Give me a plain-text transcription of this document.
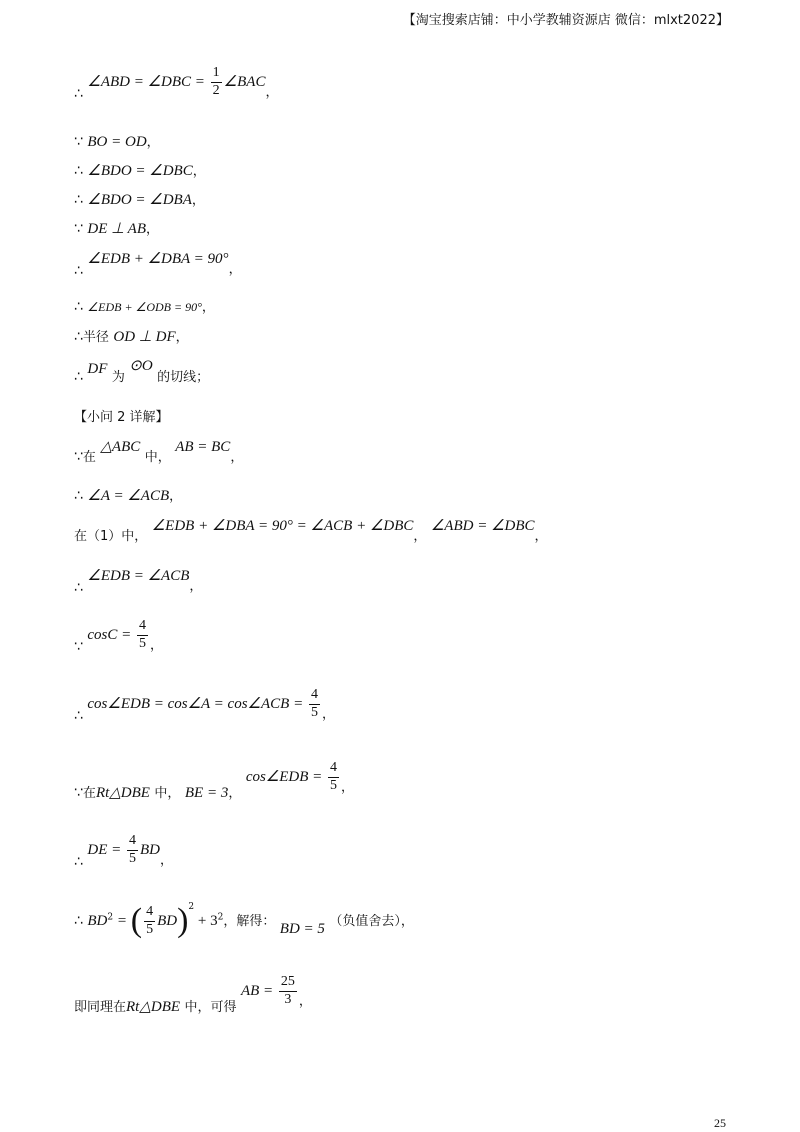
【淘宝搜索店铺：中小学教辅资源店 微信：mlxt2022】
∴ ∠ABD = ∠DBC = $\frac{1}{2}$ ∠BAC，
∵ BO = OD，
∴ ∠BDO = ∠DBC，
∴ ∠BDO = ∠DBA，
∵ DE ⊥ AB，
∴ ∠EDB + ∠DBA = 90°，
∴ ∠EDB + ∠ODB = 90°，
∴半径 OD ⊥ DF，
∴ DF 为 ⊙O 的切线；
【小问 2 详解】
∵在 △ABC 中， AB = BC，
∴ ∠A = ∠ACB，
在（1）中， ∠EDB + ∠DBA = 90° = ∠ACB + ∠DBC， ∠ABD = ∠DBC，
∴ ∠EDB = ∠ACB，
∵ $\cos C = \frac{4}{5}$ ，
∴ cos∠EDB = cos∠A = cos∠ACB = $\frac{4}{5}$ ，
∵在Rt△DBE 中， BE = 3， cos∠EDB = $\frac{4}{5}$ ，
∴ DE = $\frac{4}{5}$ BD，
∴ $BD^2$ = ( $\frac{4}{5} BD)^2 + 3^2$，解得： BD = 5 （负值舍去），
即同理在Rt△DBE 中，可得 AB = $\frac{25}{3}$ ，
25
